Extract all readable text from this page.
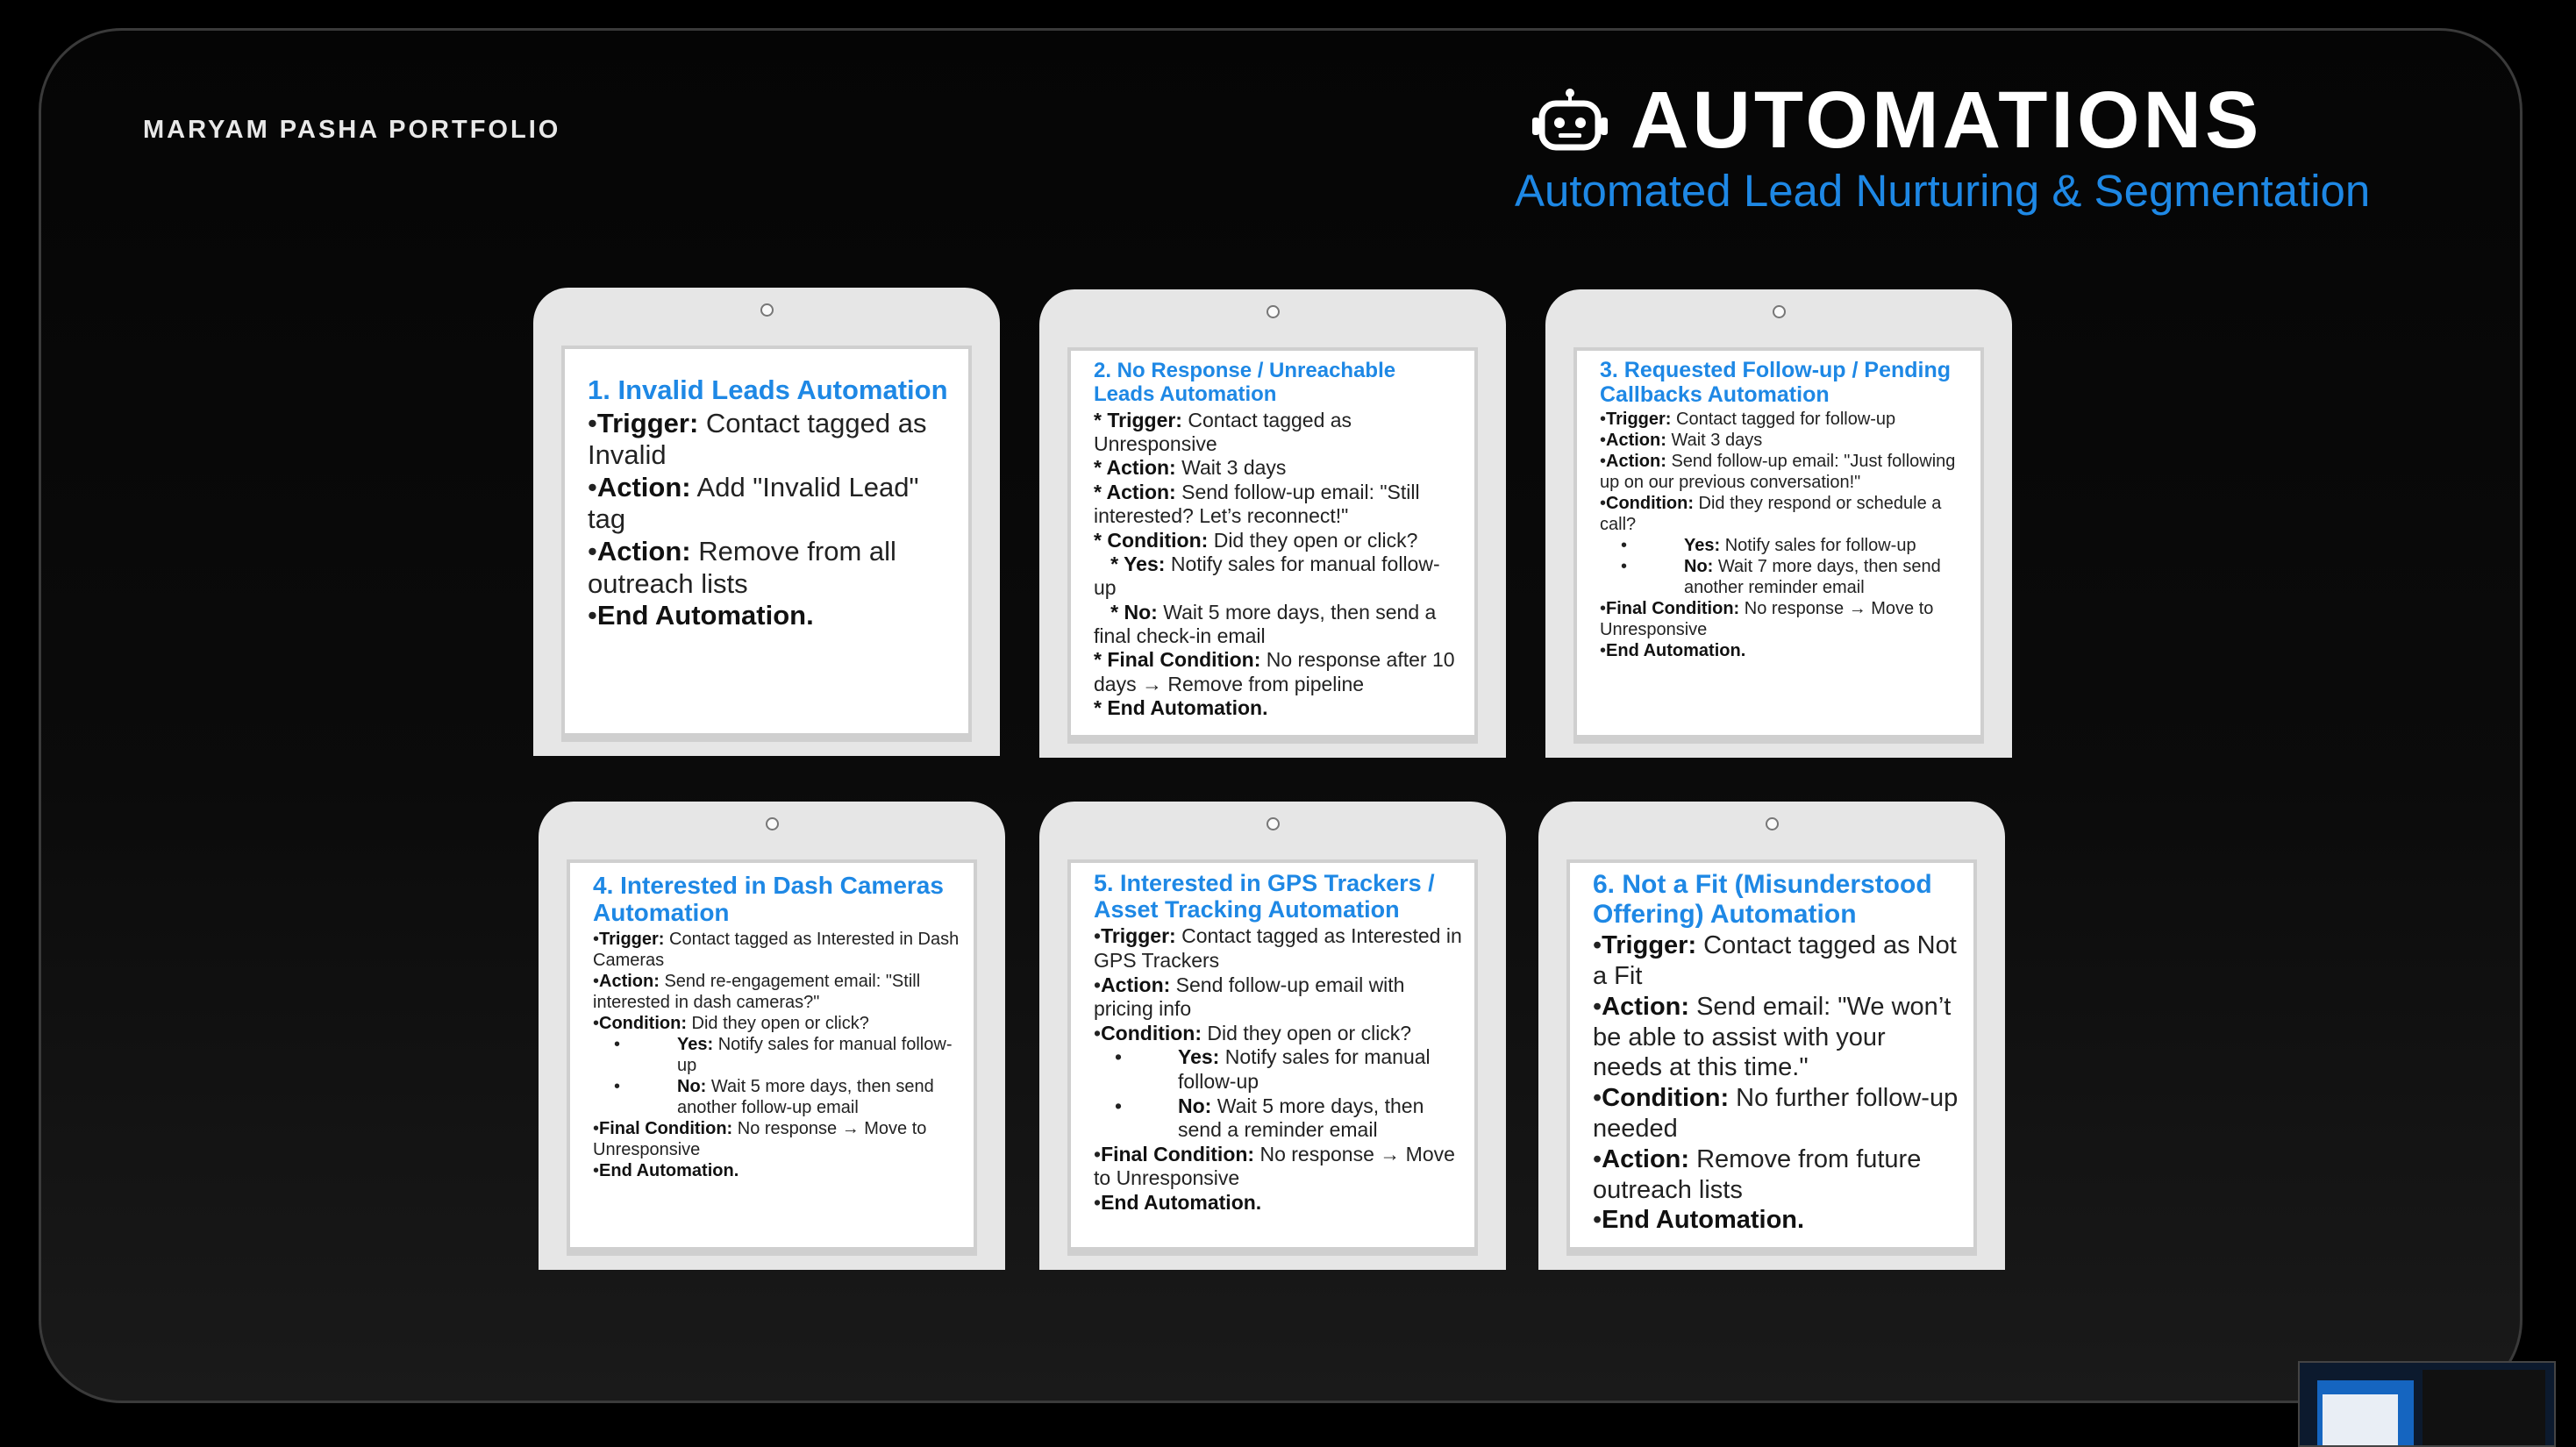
MARYAM PASHA PORTFOLIO	AUTOMATIONS
Automated Lead Nurturing & Segmentation

1. Invalid Leads Automation

•Trigger: Contact tagged as Invalid

•Action: Add "Invalid Lead" tag

•Action: Remove from all outreach lists

•End Automation.

2. No Response / Unreachable Leads Automation

* Trigger: Contact tagged as Unresponsive

* Action: Wait 3 days

* Action: Send follow-up email: "Still interested? Let’s reconnect!"

* Condition: Did they open or click?

* Yes: Notify sales for manual follow-up

* No: Wait 5 more days, then send a final check-in email

* Final Condition: No response after 10 days → Remove from pipeline

* End Automation.

3. Requested Follow-up / Pending Callbacks Automation

•Trigger: Contact tagged for follow-up

•Action: Wait 3 days

•Action: Send follow-up email: "Just following up on our previous conversation!"

•Condition: Did they respond or schedule a call?

• Yes: Notify sales for follow-up

• No: Wait 7 more days, then send another reminder email

•Final Condition: No response → Move to Unresponsive

•End Automation.

4. Interested in Dash Cameras Automation

•Trigger: Contact tagged as Interested in Dash Cameras

•Action: Send re-engagement email: "Still interested in dash cameras?"

•Condition: Did they open or click?

• Yes: Notify sales for manual follow-up

• No: Wait 5 more days, then send another follow-up email

•Final Condition: No response → Move to Unresponsive

•End Automation.

5. Interested in GPS Trackers / Asset Tracking Automation

•Trigger: Contact tagged as Interested in GPS Trackers

•Action: Send follow-up email with pricing info

•Condition: Did they open or click?

• Yes: Notify sales for manual follow-up

• No: Wait 5 more days, then send a reminder email

•Final Condition: No response → Move to Unresponsive

•End Automation.

6. Not a Fit (Misunderstood Offering) Automation

•Trigger: Contact tagged as Not a Fit

•Action: Send email: "We won’t be able to assist with your needs at this time."

•Condition: No further follow-up needed

•Action: Remove from future outreach lists

•End Automation.
